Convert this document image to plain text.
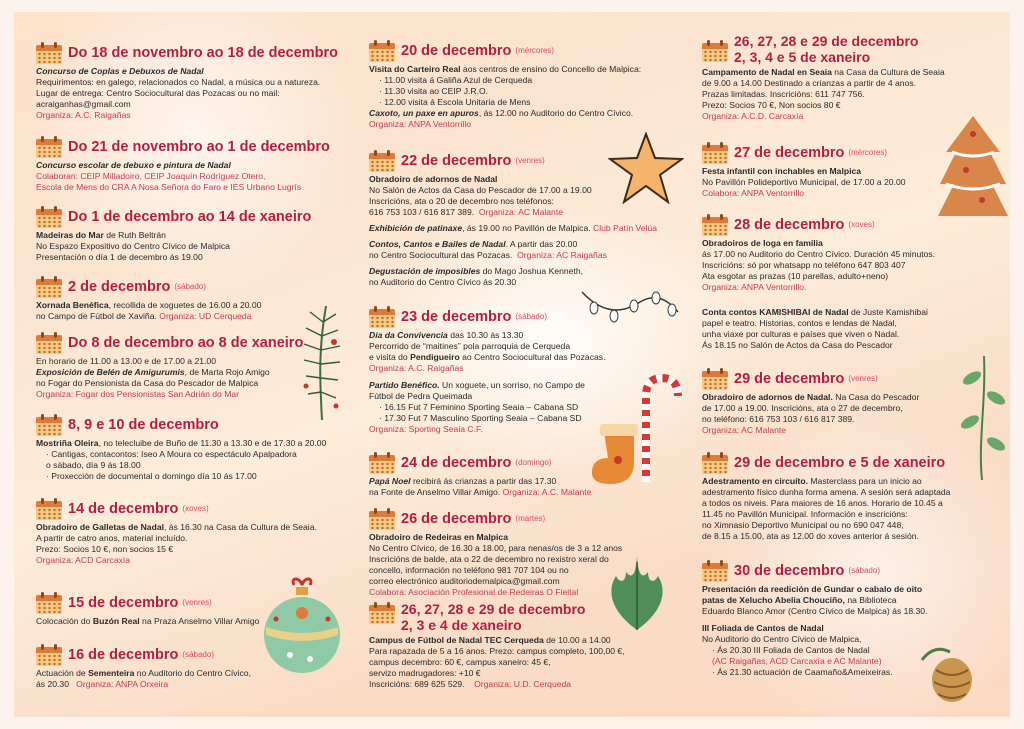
Do 18 de novembro ao 18 de decembro
Concurso de Coplas e Debuxos de Nadal
Requirimentos: en galego, relacionados co Nadal, a música ou a natureza.
Lugar de entrega: Centro Sociocultural das Pozacas ou no mail:
acraiganhas@gmail.com
Organiza: A.C. Raigañas
Do 21 de novembro ao 1 de decembro
Concurso escolar de debuxo e pintura de Nadal
Colaboran: CEIP Milladoiro, CEIP Joaquín Rodríguez Otero,
Escola de Mens do CRA A Nosa Señora do Faro e IES Urbano Lugrís
Do 1 de decembro ao 14 de xaneiro
Madeiras do Mar de Ruth Beltrán
No Espazo Expositivo do Centro Cívico de Malpica
Presentación o día 1 de decembro ás 19.00
2 de decembro (sábado)
Xornada Benéfica, recollida de xoguetes de 16.00 a 20.00
no Campo de Fútbol de Xaviña. Organiza: UD Cerqueda
Do 8 de decembro ao 8 de xaneiro
En horario de 11.00 a 13.00 e de 17.00 a 21.00
Exposición de Belén de Amigurumis, de Marta Rojo Amigo
no Fogar do Pensionista da Casa do Pescador de Malpica
Organiza: Fogar dos Pensionistas San Adrián do Mar
8, 9 e 10 de decembro
Mostriña Oleira, no telecluibe de Buño de 11.30 a 13.30 e de 17.30 a 20.00
· Cantigas, contacontos: Iseo A Moura co espectáculo Apalpadora
o sábado, día 9 ás 18.00
· Proxección de documental o domingo día 10 ás 17.00
14 de decembro (xoves)
Obradoiro de Galletas de Nadal, ás 16.30 na Casa da Cultura de Seaia.
A partir de catro anos, material incluído.
Prezo: Socios 10 €, non socios 15 €
Organiza: ACD Carcaxía
15 de decembro (venres)
Colocación do Buzón Real na Praza Anselmo Villar Amigo
16 de decembro (sábado)
Actuación de Sementeira no Auditorio do Centro Cívico,
ás 20.30 Organiza: ANPA Orxeira
20 de decembro (mércores)
Visita do Carteiro Real aos centros de ensino do Concello de Malpica:
· 11.00 visita á Galiña Azul de Cerqueda
· 11.30 visita ao CEIP J.R.O.
· 12.00 visita á Escola Unitaria de Mens
Caxoto, un paxe en apuros, ás 12.00 no Auditorio do Centro Cívico.
Organiza: ANPA Ventorrillo
22 de decembro (venres)
Obradoiro de adornos de Nadal
No Salón de Actos da Casa do Pescador de 17.00 a 19.00
Inscricións, ata o 20 de decembro nos teléfonos:
616 753 103 / 616 817 389. Organiza: AC Malante
Exhibición de patinaxe, ás 19.00 no Pavillón de Malpica. Club Patín Velúa
Contos, Cantos e Bailes de Nadal. A partir das 20.00
no Centro Sociocultural das Pozacas. Organiza: AC Raigañas
Degustación de imposibles do Mago Joshua Kenneth,
no Auditorio do Centro Cívico ás 20.30
23 de decembro (sábado)
Día da Convivencia das 10.30 ás 13.30
Percorrido de “maitines” pola parroquia de Cerqueda
e visita do Pendigueiro ao Centro Sociocultural das Pozacas.
Organiza: A.C. Raigañas
Partido Benéfico. Un xoguete, un sorriso, no Campo de
Fútbol de Pedra Queimada
· 16.15 Fut 7 Feminino Sporting Seaia – Cabana SD
· 17.30 Fut 7 Masculino Sporting Seaia – Cabana SD
Organiza: Sporting Seaia C.F.
24 de decembro (domingo)
Papá Noel recibirá ás crianzas a partir das 17.30
na Fonte de Anselmo Villar Amigo. Organiza: A.C. Malante
26 de decembro (martes)
Obradoiro de Redeiras en Malpica
No Centro Cívico, de 16.30 a 18.00, para nenas/os de 3 a 12 anos
Inscricións de balde, ata o 22 de decembro no rexistro xeral do
concello, información no teléfono 981 707 104 ou no
correo electrónico auditoriodemalpica@gmail.com
Colabora: Asociación Profesional de Redeiras O Fieital
26, 27, 28 e 29 de decembro
2, 3 e 4 de xaneiro
Campus de Fútbol de Nadal TEC Cerqueda de 10.00 a 14.00
Para rapazada de 5 a 16 anos. Prezo: campus completo, 100,00 €,
campus decembro: 60 €, campus xaneiro: 45 €,
servizo madrugadores: +10 €
Inscricións: 689 625 529. Organiza: U.D. Cerqueda
26, 27, 28 e 29 de decembro
2, 3, 4 e 5 de xaneiro
Campamento de Nadal en Seaia na Casa da Cultura de Seaia
de 9.00 a 14.00 Destinado a crianzas a partir de 4 anos.
Prazas limitadas. Inscricións: 611 747 756.
Prezo: Socios 70 €, Non socios 80 €
Organiza: A.C.D. Carcaxía
27 de decembro (mércores)
Festa infantil con inchables en Malpica
No Pavillón Polideportivo Municipal, de 17.00 a 20.00
Colabora: ANPA Ventorrillo
28 de decembro (xoves)
Obradoiros de Ioga en familia
ás 17.00 no Auditorio do Centro Cívico. Duración 45 minutos.
Inscricións: só por whatsapp no teléfono 647 803 407
Ata esgotar as prazas (10 parellas, adulto+neno)
Organiza: ANPA Ventorrillo.
Conta contos KAMISHIBAI de Nadal de Juste Kamishibai
papel e teatro. Historias, contos e lendas de Nadal,
unha viaxe por culturas e países que viven o Nadal.
Ás 18.15 no Salón de Actos da Casa do Pescador
29 de decembro (venres)
Obradoiro de adornos de Nadal. Na Casa do Pescador
de 17.00 a 19.00. Inscricións, ata o 27 de decembro,
no teléfono: 616 753 103 / 616 817 389.
Organiza: AC Malante
29 de decembro e 5 de xaneiro
Adestramento en circuíto. Masterclass para un inicio ao
adestramento físico dunha forma amena. A sesión será adaptada
a todos os niveis. Para maiores de 16 anos. Horario de 10.45 a
11.45 no Pavillón Municipal. Información e inscricións:
no Ximnasio Deportivo Municipal ou no 690 047 448,
de 8.15 a 15.00, ata as 12.00 do xoves anterior á sesión.
30 de decembro (sábado)
Presentación da reedición de Gundar o cabalo de oito
patas de Xelucho Abelia Chouciño, na Biblioteca
Eduardo Blanco Amor (Centro Cívico de Malpica) ás 18.30.
III Foliada de Cantos de Nadal
No Auditorio do Centro Cívico de Malpica,
· Ás 20.30 III Foliada de Cantos de Nadal
(AC Raigañas, ACD Carcaxía e AC Malante)
· Ás 21.30 actuación de Caamaño&Ameixeiras.
